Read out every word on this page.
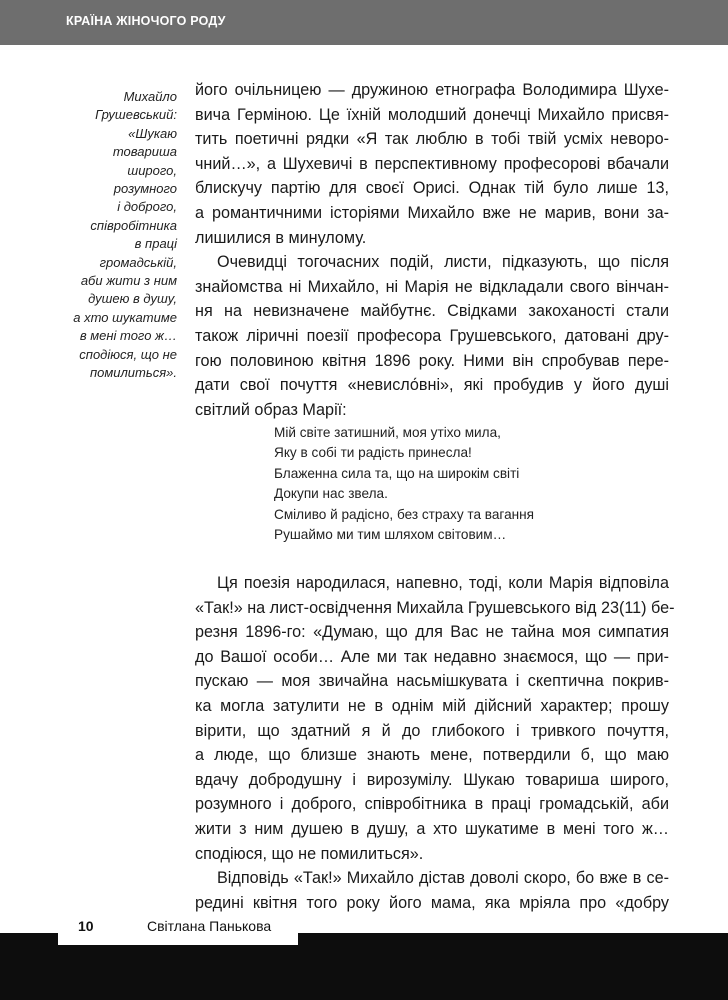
КРАЇНА ЖІНОЧОГО РОДУ
Михайло
Грушевський:
«Шукаю
товариша
широго,
розумного
і доброго,
співробітника
в праці
громадській,
аби жити з ним
душею в душу,
а хто шукатиме
в мені того ж…
сподіюся, що не
помилиться».
його очільницею — дружиною етнографа Володимира Шухе-
вича Герміною. Це їхній молодший донечці Михайло присвя-
тить поетичні рядки «Я так люблю в тобі твій усміх неворо-
чний…», а Шухевичі в перспективному професорові вбачали
блискучу партію для своєї Орисі. Однак тій було лише 13,
а романтичними історіями Михайло вже не марив, вони за-
лишилися в минулому.
Очевидці тогочасних подій, листи, підказують, що після
знайомства ні Михайло, ні Марія не відкладали свого вінчан-
ня на невизначене майбутнє. Свідками закоханості стали
також ліричні поезії професора Грушевського, датовані дру-
гою половиною квітня 1896 року. Ними він спробував пере-
дати свої почуття «невисло́вні», які пробудив у його душі
світлий образ Марії:
Мій світе затишний, моя утіхо мила,
Яку в собі ти радість принесла!
Блаженна сила та, що на широкім світі
Докупи нас звела.
Сміливо й радісно, без страху та вагання
Рушаймо ми тим шляхом світовим…
Ця поезія народилася, напевно, тоді, коли Марія відповіла
«Так!» на лист-освідчення Михайла Грушевського від 23(11) бе-
резня 1896-го: «Думаю, що для Вас не тайна моя симпатия
до Вашої особи… Але ми так недавно знаємося, що — при-
пускаю — моя звичайна насьмішкувата і скептична покрив-
ка могла затулити не в однім мій дійсний характер; прошу
вірити, що здатний я й до глибокого і тривкого почуття,
а люде, що близше знають мене, потвердили б, що маю
вдачу добродушну і вирозумілу. Шукаю товариша широго,
розумного і доброго, співробітника в праці громадській, аби
жити з ним душею в душу, а хто шукатиме в мені того ж…
сподіюся, що не помилиться».
Відповідь «Так!» Михайло дістав доволі скоро, бо вже в се-
редині квітня того року його мама, яка мріяла про «добру
10	Світлана Панькова
